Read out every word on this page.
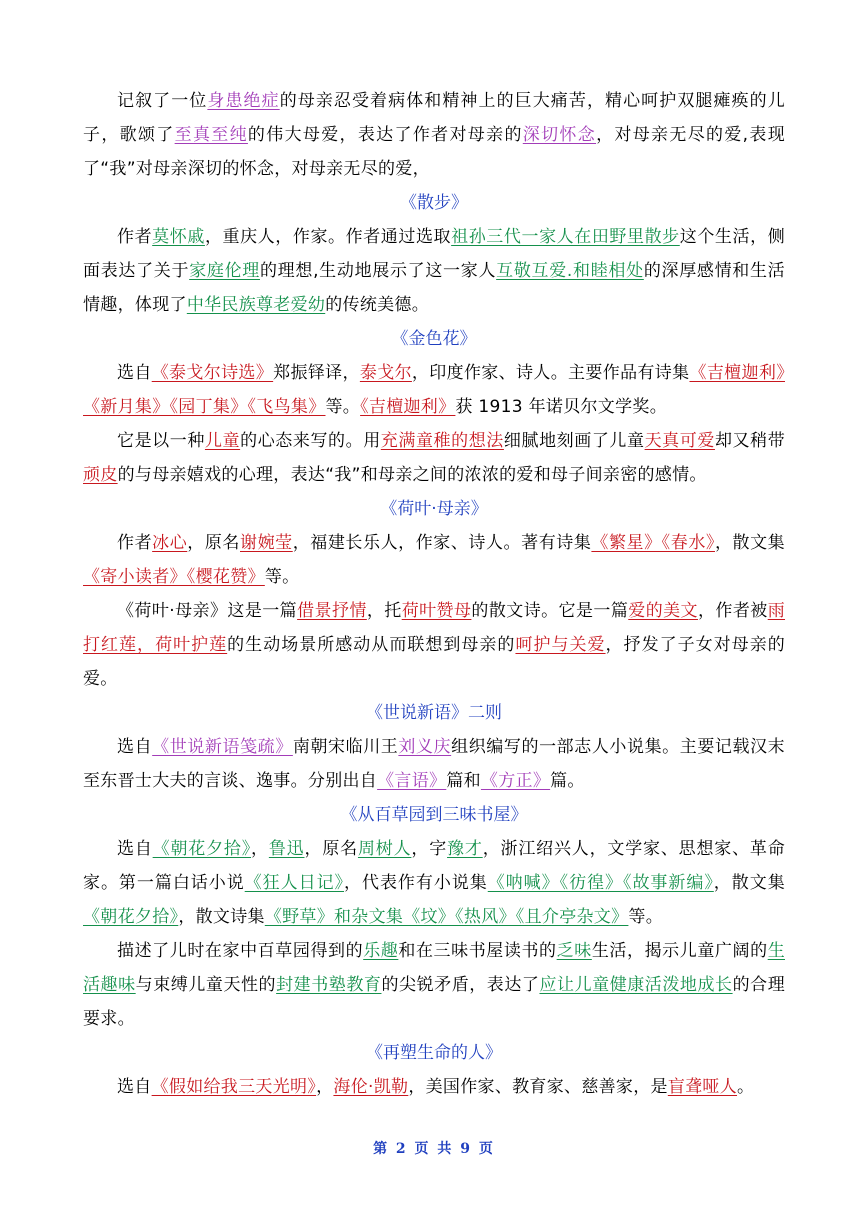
记叙了一位身患绝症的母亲忍受着病体和精神上的巨大痛苦，精心呵护双腿瘫痪的儿子，歌颂了至真至纯的伟大母爱，表达了作者对母亲的深切怀念，对母亲无尽的爱,表现了“我”对母亲深切的怀念，对母亲无尽的爱，

《散步》

作者莫怀戚，重庆人，作家。作者通过选取祖孙三代一家人在田野里散步这个生活，侧面表达了关于家庭伦理的理想,生动地展示了这一家人互敬互爱.和睦相处的深厚感情和生活情趣，体现了中华民族尊老爱幼的传统美德。

《金色花》

选自《泰戈尔诗选》郑振铎译，泰戈尔，印度作家、诗人。主要作品有诗集《吉檀迦利》《新月集》《园丁集》《飞鸟集》等。《吉檀迦利》获 1913 年诺贝尔文学奖。

它是以一种儿童的心态来写的。用充满童稚的想法细腻地刻画了儿童天真可爱却又稍带顽皮的与母亲嬉戏的心理，表达“我”和母亲之间的浓浓的爱和母子间亲密的感情。

《荷叶·母亲》

作者冰心，原名谢婉莹，福建长乐人，作家、诗人。著有诗集《繁星》《春水》，散文集《寄小读者》《樱花赞》等。

《荷叶·母亲》这是一篇借景抒情，托荷叶赞母的散文诗。它是一篇爱的美文，作者被雨打红莲，荷叶护莲的生动场景所感动从而联想到母亲的呵护与关爱，抒发了子女对母亲的爱。

《世说新语》二则

选自《世说新语笺疏》南朝宋临川王刘义庆组织编写的一部志人小说集。主要记载汉末至东晋士大夫的言谈、逸事。分别出自《言语》篇和《方正》篇。

《从百草园到三味书屋》

选自《朝花夕拾》，鲁迅，原名周树人，字豫才，浙江绍兴人，文学家、思想家、革命家。第一篇白话小说《狂人日记》，代表作有小说集《呐喊》《彷徨》《故事新编》，散文集《朝花夕拾》，散文诗集《野草》和杂文集《坟》《热风》《且介亭杂文》等。

描述了儿时在家中百草园得到的乐趣和在三味书屋读书的乏味生活，揭示儿童广阔的生活趣味与束缚儿童天性的封建书塾教育的尖锐矛盾，表达了应让儿童健康活泼地成长的合理要求。

《再塑生命的人》

选自《假如给我三天光明》，海伦·凯勒，美国作家、教育家、慈善家，是盲聋哑人。

第 2 页 共 9 页
